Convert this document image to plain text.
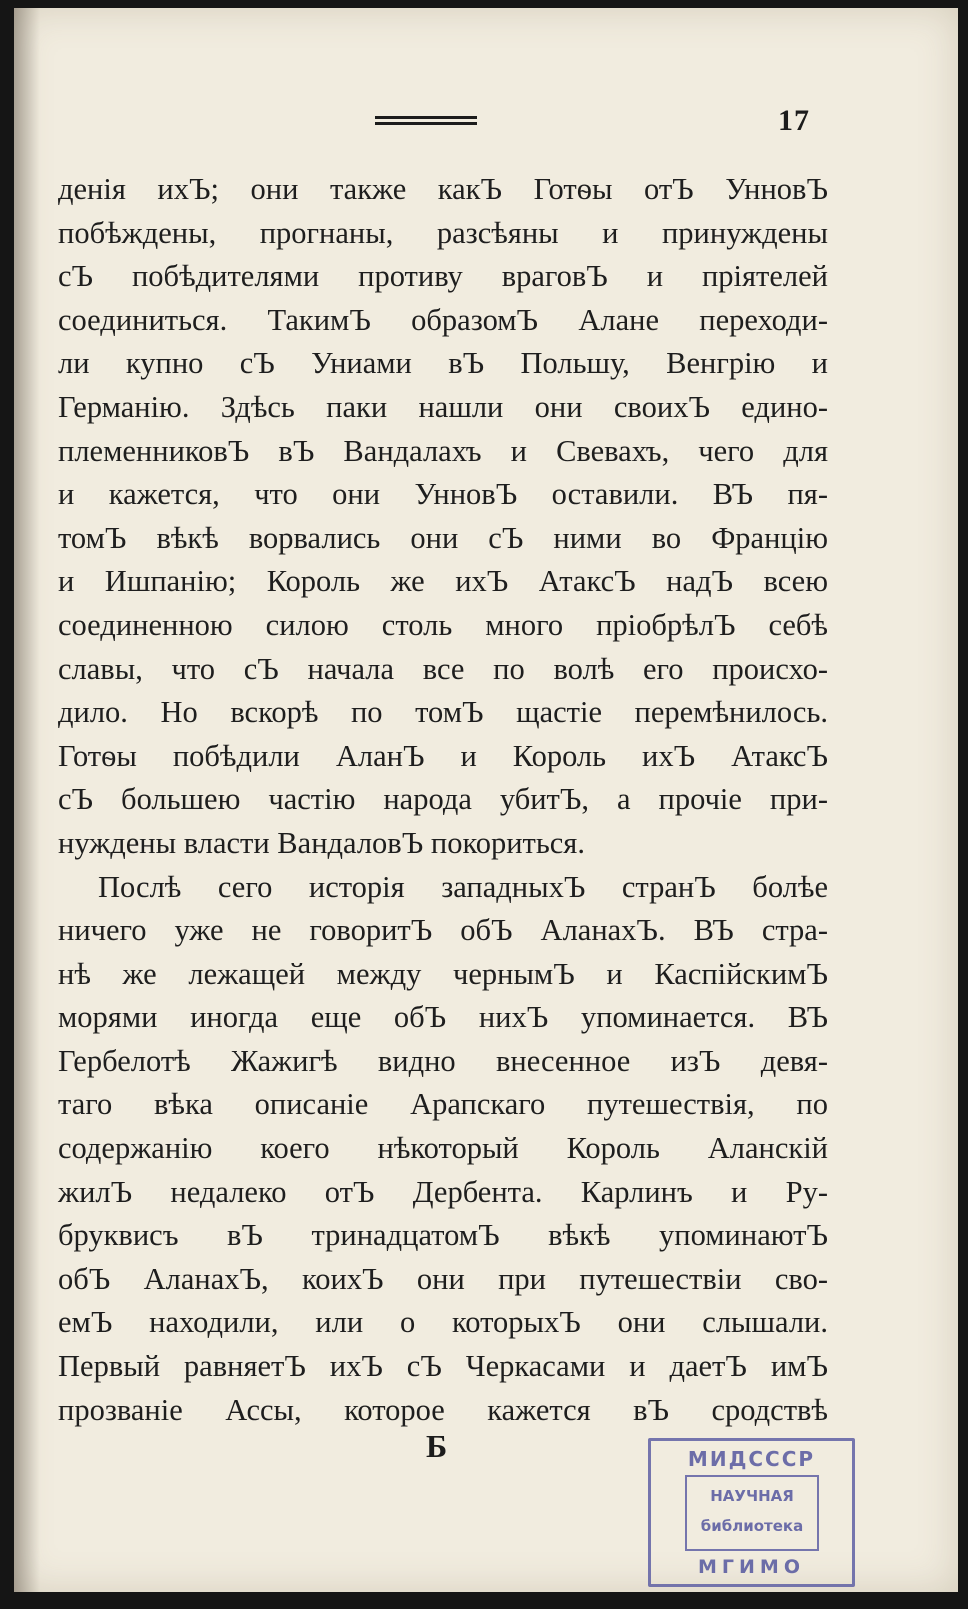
17
денія ихЪ; они также какЪ Готѳы отЪ УнновЪ
побѣждены, прогнаны, разсѣяны и принуждены
сЪ побѣдителями противу враговЪ и пріятелей
соединиться. ТакимЪ образомЪ Алане переходи-
ли купно сЪ Униами вЪ Польшу, Венгрію и
Германію. Здѣсь паки нашли они своихЪ едино-
племенниковЪ вЪ Вандалахъ и Свевахъ, чего для
и кажется, что они УнновЪ оставили. ВЪ пя-
томЪ вѣкѣ ворвались они сЪ ними во Францію
и Ишпанію; Король же ихЪ АтаксЪ надЪ всею
соединенною силою столь много пріобрѣлЪ себѣ
славы, что сЪ начала все по волѣ его происхо-
дило. Но вскорѣ по томЪ щастіе перемѣнилось.
Готѳы побѣдили АланЪ и Король ихЪ АтаксЪ
сЪ большею частію народа убитЪ, а прочіе при-
нуждены власти ВандаловЪ покориться.
Послѣ сего исторія западныхЪ странЪ болѣе
ничего уже не говоритЪ обЪ АланахЪ. ВЪ стра-
нѣ же лежащей между чернымЪ и КаспійскимЪ
морями иногда еще обЪ нихЪ упоминается. ВЪ
Гербелотѣ Жажигѣ видно внесенное изЪ девя-
таго вѣка описаніе Арапскаго путешествія, по
содержанію коего нѣкоторый Король Аланскій
жилЪ недалеко отЪ Дербента. Карлинъ и Ру-
бруквисъ вЪ тринадцатомЪ вѣкѣ упоминаютЪ
обЪ АланахЪ, коихЪ они при путешествіи сво-
емЪ находили, или о которыхЪ они слышали.
Первый равняетЪ ихЪ сЪ Черкасами и даетЪ имЪ
прозваніе Ассы, которое кажется вЪ сродствѣ
Б	МИДСССР
НАУЧНАЯ
библиотека
МГИМО
